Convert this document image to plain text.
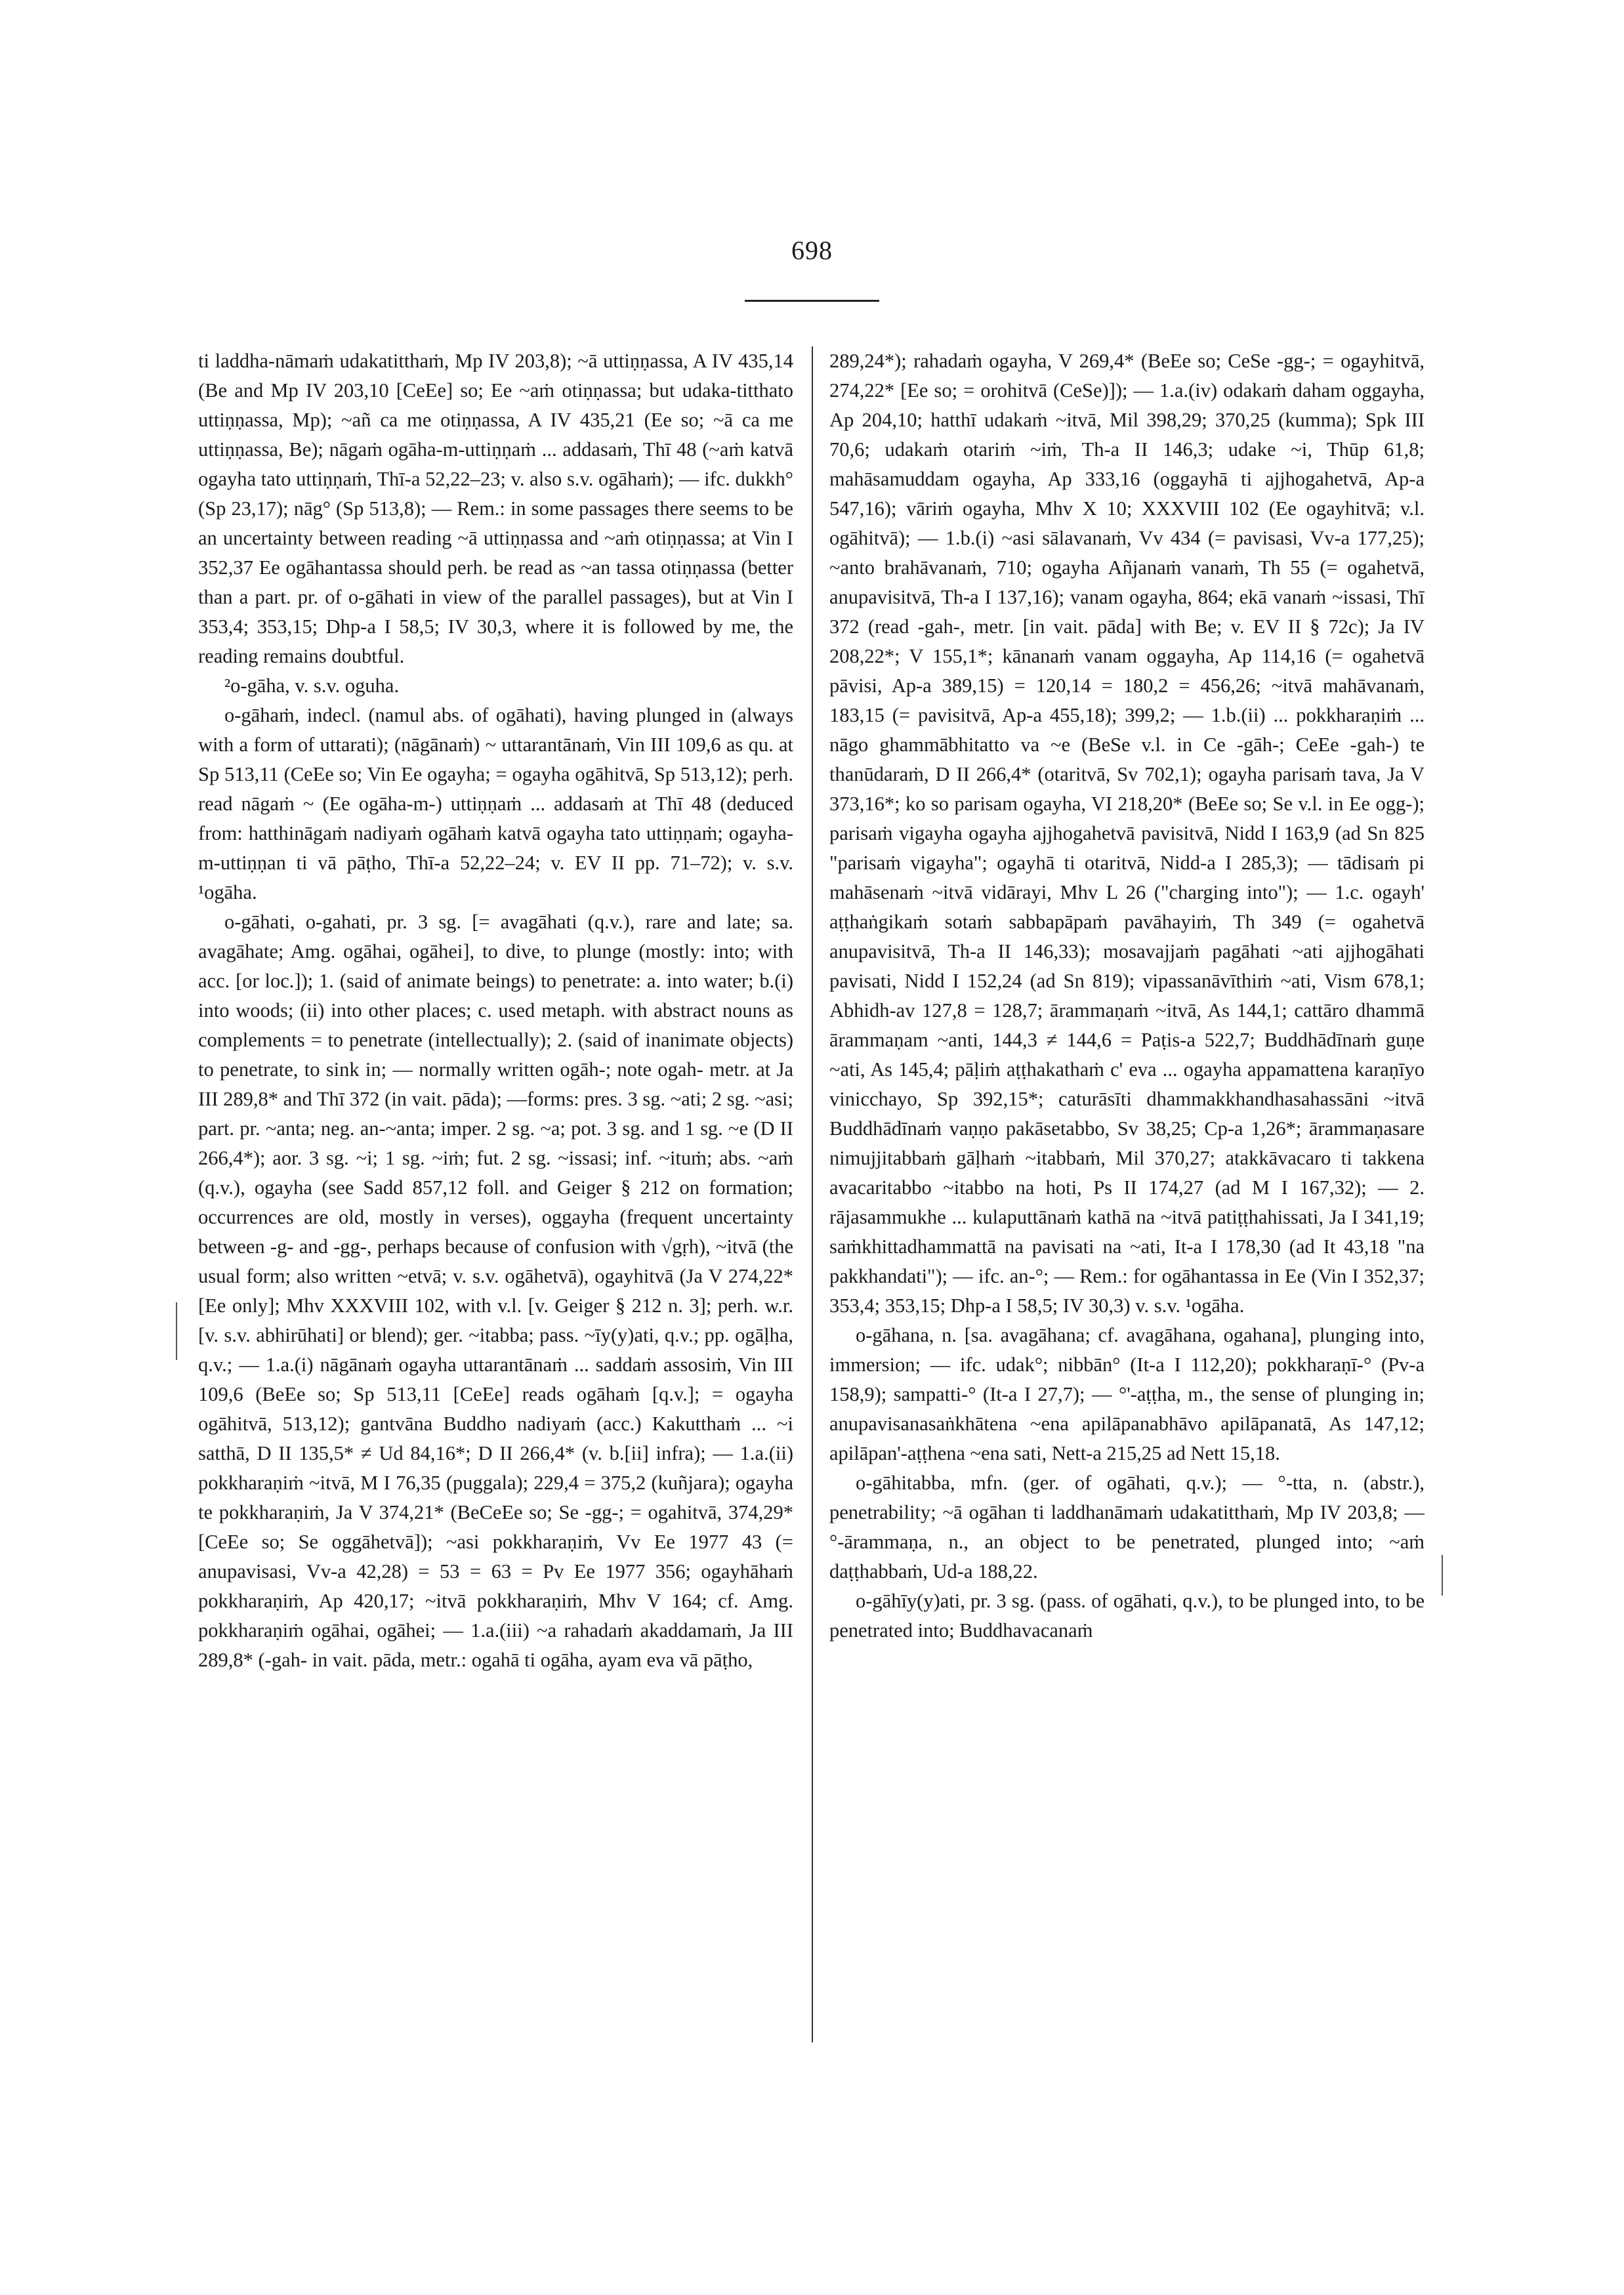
698

ti laddha-nāmaṁ udakatitthaṁ, Mp IV 203,8); ~ā uttiṇṇassa, A IV 435,14 (Be and Mp IV 203,10 [CeEe] so; Ee ~aṁ otiṇṇassa; but udaka-titthato uttiṇṇassa, Mp); ~añ ca me otiṇṇassa, A IV 435,21 (Ee so; ~ā ca me uttiṇṇassa, Be); nāgaṁ ogāha-m-uttiṇṇaṁ ... addasaṁ, Thī 48 (~aṁ katvā ogayha tato uttiṇṇaṁ, Thī-a 52,22–23; v. also s.v. ogāhaṁ); — ifc. dukkh° (Sp 23,17); nāg° (Sp 513,8); — Rem.: in some passages there seems to be an uncertainty between reading ~ā uttiṇṇassa and ~aṁ otiṇṇassa; at Vin I 352,37 Ee ogāhantassa should perh. be read as ~an tassa otiṇṇassa (better than a part. pr. of o-gāhati in view of the parallel passages), but at Vin I 353,4; 353,15; Dhp-a I 58,5; IV 30,3, where it is followed by me, the reading remains doubtful.

²o-gāha, v. s.v. oguha.

o-gāhaṁ, indecl. (namul abs. of ogāhati), having plunged in (always with a form of uttarati); (nāgānaṁ) ~ uttarantānaṁ, Vin III 109,6 as qu. at Sp 513,11 (CeEe so; Vin Ee ogayha; = ogayha ogāhitvā, Sp 513,12); perh. read nāgaṁ ~ (Ee ogāha-m-) uttiṇṇaṁ ... addasaṁ at Thī 48 (deduced from: hatthināgaṁ nadiyaṁ ogāhaṁ katvā ogayha tato uttiṇṇaṁ; ogayha-m-uttiṇṇan ti vā pāṭho, Thī-a 52,22–24; v. EV II pp. 71–72); v. s.v. ¹ogāha.

o-gāhati, o-gahati, pr. 3 sg. [= avagāhati (q.v.), rare and late; sa. avagāhate; Amg. ogāhai, ogāhei], to dive, to plunge (mostly: into; with acc. [or loc.]); 1. (said of animate beings) to penetrate: a. into water; b.(i) into woods; (ii) into other places; c. used metaph. with abstract nouns as complements = to penetrate (intellectually); 2. (said of inanimate objects) to penetrate, to sink in; — normally written ogāh-; note ogah- metr. at Ja III 289,8* and Thī 372 (in vait. pāda); —forms: pres. 3 sg. ~ati; 2 sg. ~asi; part. pr. ~anta; neg. an-~anta; imper. 2 sg. ~a; pot. 3 sg. and 1 sg. ~e (D II 266,4*); aor. 3 sg. ~i; 1 sg. ~iṁ; fut. 2 sg. ~issasi; inf. ~ituṁ; abs. ~aṁ (q.v.), ogayha (see Sadd 857,12 foll. and Geiger § 212 on formation; occurrences are old, mostly in verses), oggayha (frequent uncertainty between -g- and -gg-, perhaps because of confusion with √gṛh), ~itvā (the usual form; also written ~etvā; v. s.v. ogāhetvā), ogayhitvā (Ja V 274,22* [Ee only]; Mhv XXXVIII 102, with v.l. [v. Geiger § 212 n. 3]; perh. w.r. [v. s.v. abhirūhati] or blend); ger. ~itabba; pass. ~īy(y)ati, q.v.; pp. ogāḷha, q.v.; — 1.a.(i) nāgānaṁ ogayha uttarantānaṁ ... saddaṁ assosiṁ, Vin III 109,6 (BeEe so; Sp 513,11 [CeEe] reads ogāhaṁ [q.v.]; = ogayha ogāhitvā, 513,12); gantvāna Buddho nadiyaṁ (acc.) Kakutthaṁ ... ~i satthā, D II 135,5* ≠ Ud 84,16*; D II 266,4* (v. b.[ii] infra); — 1.a.(ii) pokkharaṇiṁ ~itvā, M I 76,35 (puggala); 229,4 = 375,2 (kuñjara); ogayha te pokkharaṇiṁ, Ja V 374,21* (BeCeEe so; Se -gg-; = ogahitvā, 374,29* [CeEe so; Se oggāhetvā]); ~asi pokkharaṇiṁ, Vv Ee 1977 43 (= anupavisasi, Vv-a 42,28) = 53 = 63 = Pv Ee 1977 356; ogayhāhaṁ pokkharaṇiṁ, Ap 420,17; ~itvā pokkharaṇiṁ, Mhv V 164; cf. Amg. pokkharaṇiṁ ogāhai, ogāhei; — 1.a.(iii) ~a rahadaṁ akaddamaṁ, Ja III 289,8* (-gah- in vait. pāda, metr.: ogahā ti ogāha, ayam eva vā pāṭho,

289,24*); rahadaṁ ogayha, V 269,4* (BeEe so; CeSe -gg-; = ogayhitvā, 274,22* [Ee so; = orohitvā (CeSe)]); — 1.a.(iv) odakaṁ daham oggayha, Ap 204,10; hatthī udakaṁ ~itvā, Mil 398,29; 370,25 (kumma); Spk III 70,6; udakaṁ otariṁ ~iṁ, Th-a II 146,3; udake ~i, Thūp 61,8; mahāsamuddam ogayha, Ap 333,16 (oggayhā ti ajjhogahetvā, Ap-a 547,16); vāriṁ ogayha, Mhv X 10; XXXVIII 102 (Ee ogayhitvā; v.l. ogāhitvā); — 1.b.(i) ~asi sālavanaṁ, Vv 434 (= pavisasi, Vv-a 177,25); ~anto brahāvanaṁ, 710; ogayha Añjanaṁ vanaṁ, Th 55 (= ogahetvā, anupavisitvā, Th-a I 137,16); vanam ogayha, 864; ekā vanaṁ ~issasi, Thī 372 (read -gah-, metr. [in vait. pāda] with Be; v. EV II § 72c); Ja IV 208,22*; V 155,1*; kānanaṁ vanam oggayha, Ap 114,16 (= ogahetvā pāvisi, Ap-a 389,15) = 120,14 = 180,2 = 456,26; ~itvā mahāvanaṁ, 183,15 (= pavisitvā, Ap-a 455,18); 399,2; — 1.b.(ii) ... pokkharaṇiṁ ... nāgo ghammābhitatto va ~e (BeSe v.l. in Ce -gāh-; CeEe -gah-) te thanūdaraṁ, D II 266,4* (otaritvā, Sv 702,1); ogayha parisaṁ tava, Ja V 373,16*; ko so parisam ogayha, VI 218,20* (BeEe so; Se v.l. in Ee ogg-); parisaṁ vigayha ogayha ajjhogahetvā pavisitvā, Nidd I 163,9 (ad Sn 825 "parisaṁ vigayha"; ogayhā ti otaritvā, Nidd-a I 285,3); — tādisaṁ pi mahāsenaṁ ~itvā vidārayi, Mhv L 26 ("charging into"); — 1.c. ogayh' aṭṭhaṅgikaṁ sotaṁ sabbapāpaṁ pavāhayiṁ, Th 349 (= ogahetvā anupavisitvā, Th-a II 146,33); mosavajjaṁ pagāhati ~ati ajjhogāhati pavisati, Nidd I 152,24 (ad Sn 819); vipassanāvīthiṁ ~ati, Vism 678,1; Abhidh-av 127,8 = 128,7; ārammaṇaṁ ~itvā, As 144,1; cattāro dhammā ārammaṇam ~anti, 144,3 ≠ 144,6 = Paṭis-a 522,7; Buddhādīnaṁ guṇe ~ati, As 145,4; pāḷiṁ aṭṭhakathaṁ c' eva ... ogayha appamattena karaṇīyo vinicchayo, Sp 392,15*; caturāsīti dhammakkhandhasahassāni ~itvā Buddhādīnaṁ vaṇṇo pakāsetabbo, Sv 38,25; Cp-a 1,26*; ārammaṇasare nimujjitabbaṁ gāḷhaṁ ~itabbaṁ, Mil 370,27; atakkāvacaro ti takkena avacaritabbo ~itabbo na hoti, Ps II 174,27 (ad M I 167,32); — 2. rājasammukhe ... kulaputtānaṁ kathā na ~itvā patiṭṭhahissati, Ja I 341,19; saṁkhittadhammattā na pavisati na ~ati, It-a I 178,30 (ad It 43,18 "na pakkhandati"); — ifc. an-°; — Rem.: for ogāhantassa in Ee (Vin I 352,37; 353,4; 353,15; Dhp-a I 58,5; IV 30,3) v. s.v. ¹ogāha.

o-gāhana, n. [sa. avagāhana; cf. avagāhana, ogahana], plunging into, immersion; — ifc. udak°; nibbān° (It-a I 112,20); pokkharaṇī-° (Pv-a 158,9); sampatti-° (It-a I 27,7); — °'-aṭṭha, m., the sense of plunging in; anupavisanasaṅkhātena ~ena apilāpanabhāvo apilāpanatā, As 147,12; apilāpan'-aṭṭhena ~ena sati, Nett-a 215,25 ad Nett 15,18.

o-gāhitabba, mfn. (ger. of ogāhati, q.v.); — °-tta, n. (abstr.), penetrability; ~ā ogāhan ti laddhanāmaṁ udakatitthaṁ, Mp IV 203,8; — °-ārammaṇa, n., an object to be penetrated, plunged into; ~aṁ daṭṭhabbaṁ, Ud-a 188,22.

o-gāhīy(y)ati, pr. 3 sg. (pass. of ogāhati, q.v.), to be plunged into, to be penetrated into; Buddhavacanaṁ
